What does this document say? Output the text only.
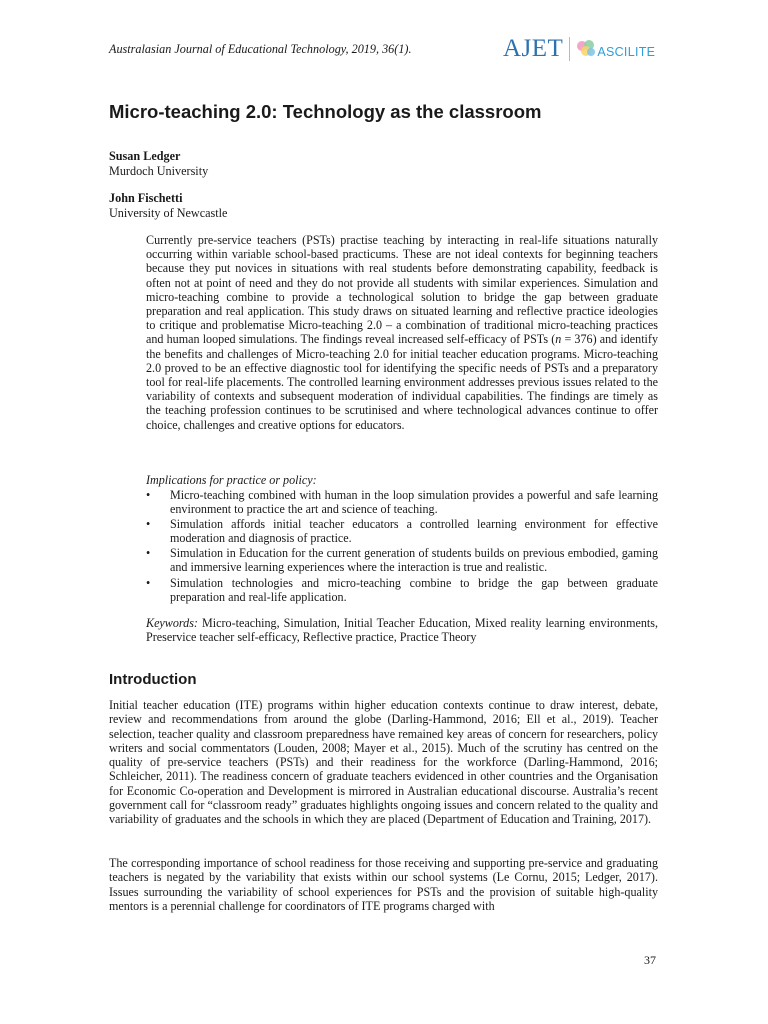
Australasian Journal of Educational Technology, 2019, 36(1).	AJET	ASCILITE
Micro-teaching 2.0: Technology as the classroom
Susan Ledger
Murdoch University
John Fischetti
University of Newcastle

Currently pre-service teachers (PSTs) practise teaching by interacting in real-life situations naturally occurring within variable school-based practicums. These are not ideal contexts for beginning teachers because they put novices in situations with real students before demonstrating capability, feedback is often not at point of need and they do not provide all students with similar experiences. Simulation and micro-teaching combine to provide a technological solution to bridge the gap between graduate preparation and real application. This study draws on situated learning and reflective practice ideologies to critique and problematise Micro-teaching 2.0 – a combination of traditional micro-teaching practices and human looped simulations. The findings reveal increased self-efficacy of PSTs (n = 376) and identify the benefits and challenges of Micro-teaching 2.0 for initial teacher education programs. Micro-teaching 2.0 proved to be an effective diagnostic tool for identifying the specific needs of PSTs and a preparatory tool for real-life placements. The controlled learning environment addresses previous issues related to the variability of contexts and subsequent moderation of individual capabilities. The findings are timely as the teaching profession continues to be scrutinised and where technological advances continue to offer choice, challenges and creative options for educators.

Implications for practice or policy:
• Micro-teaching combined with human in the loop simulation provides a powerful and safe learning environment to practice the art and science of teaching.
• Simulation affords initial teacher educators a controlled learning environment for effective moderation and diagnosis of practice.
• Simulation in Education for the current generation of students builds on previous embodied, gaming and immersive learning experiences where the interaction is true and realistic.
• Simulation technologies and micro-teaching combine to bridge the gap between graduate preparation and real-life application.
Keywords: Micro-teaching, Simulation, Initial Teacher Education, Mixed reality learning environments, Preservice teacher self-efficacy, Reflective practice, Practice Theory
Introduction

Initial teacher education (ITE) programs within higher education contexts continue to draw interest, debate, review and recommendations from around the globe (Darling-Hammond, 2016; Ell et al., 2019). Teacher selection, teacher quality and classroom preparedness have remained key areas of concern for researchers, policy writers and social commentators (Louden, 2008; Mayer et al., 2015). Much of the scrutiny has centred on the quality of pre-service teachers (PSTs) and their readiness for the workforce (Darling-Hammond, 2016; Schleicher, 2011). The readiness concern of graduate teachers evidenced in other countries and the Organisation for Economic Co-operation and Development is mirrored in Australian educational discourse. Australia’s recent government call for “classroom ready” graduates highlights ongoing issues and concern related to the quality and variability of graduates and the schools in which they are placed (Department of Education and Training, 2017).

The corresponding importance of school readiness for those receiving and supporting pre-service and graduating teachers is negated by the variability that exists within our school systems (Le Cornu, 2015; Ledger, 2017). Issues surrounding the variability of school experiences for PSTs and the provision of suitable high-quality mentors is a perennial challenge for coordinators of ITE programs charged with

37
